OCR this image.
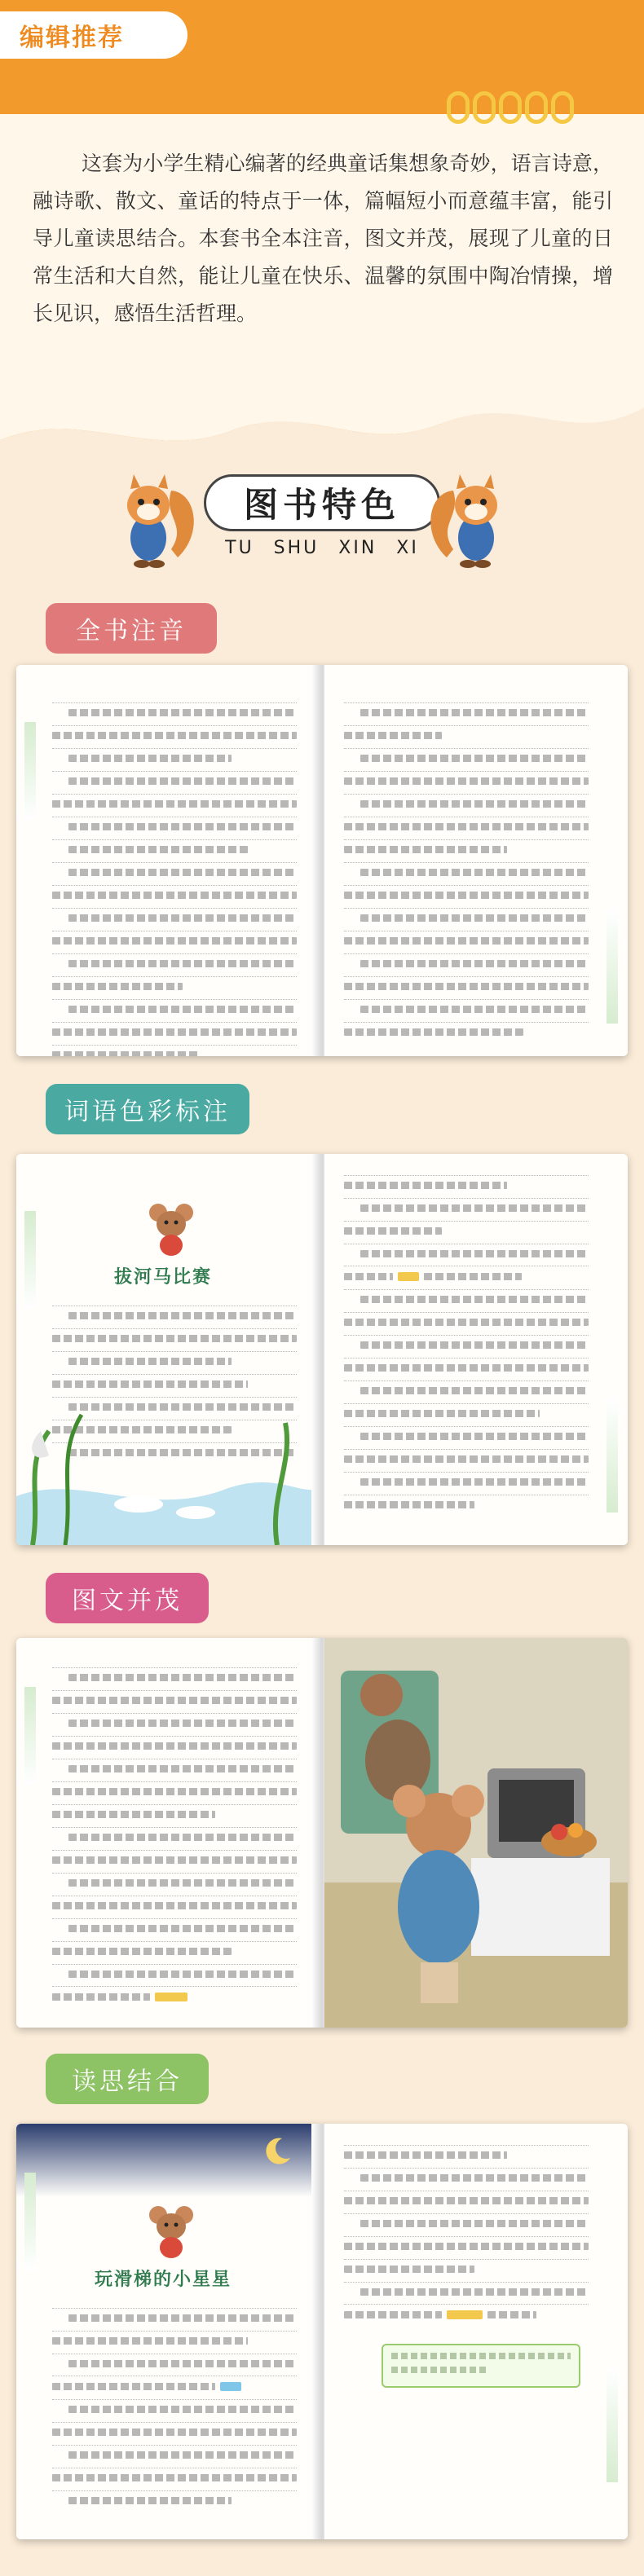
编辑推荐

这套为小学生精心编著的经典童话集想象奇妙，语言诗意，融诗歌、散文、童话的特点于一体，篇幅短小而意蕴丰富，能引导儿童读思结合。本套书全本注音，图文并茂，展现了儿童的日常生活和大自然，能让儿童在快乐、温馨的氛围中陶冶情操，增长见识，感悟生活哲理。

图书特色
TU SHU XIN XI
全书注音
词语色彩标注
拔河马比赛
图文并茂
读思结合
玩滑梯的小星星
